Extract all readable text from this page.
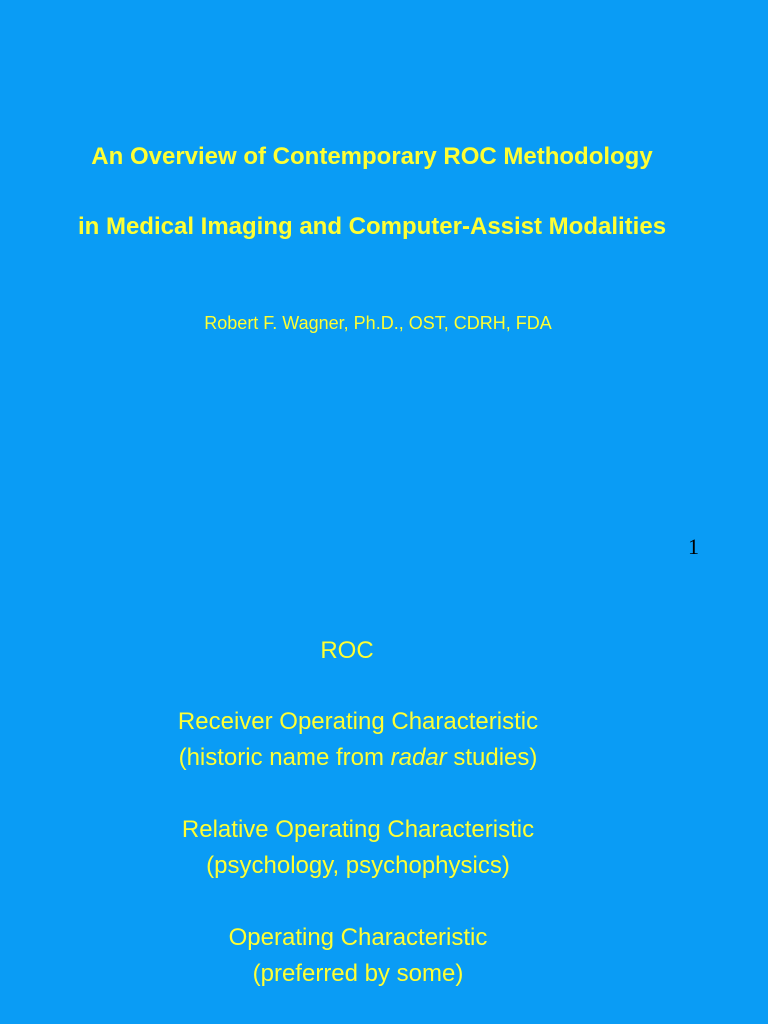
An Overview of Contemporary ROC Methodology
in Medical Imaging and Computer-Assist Modalities
Robert F. Wagner, Ph.D., OST, CDRH, FDA
1
ROC
Receiver Operating Characteristic
(historic name from radar studies)
Relative Operating Characteristic
(psychology, psychophysics)
Operating Characteristic
(preferred by some)
